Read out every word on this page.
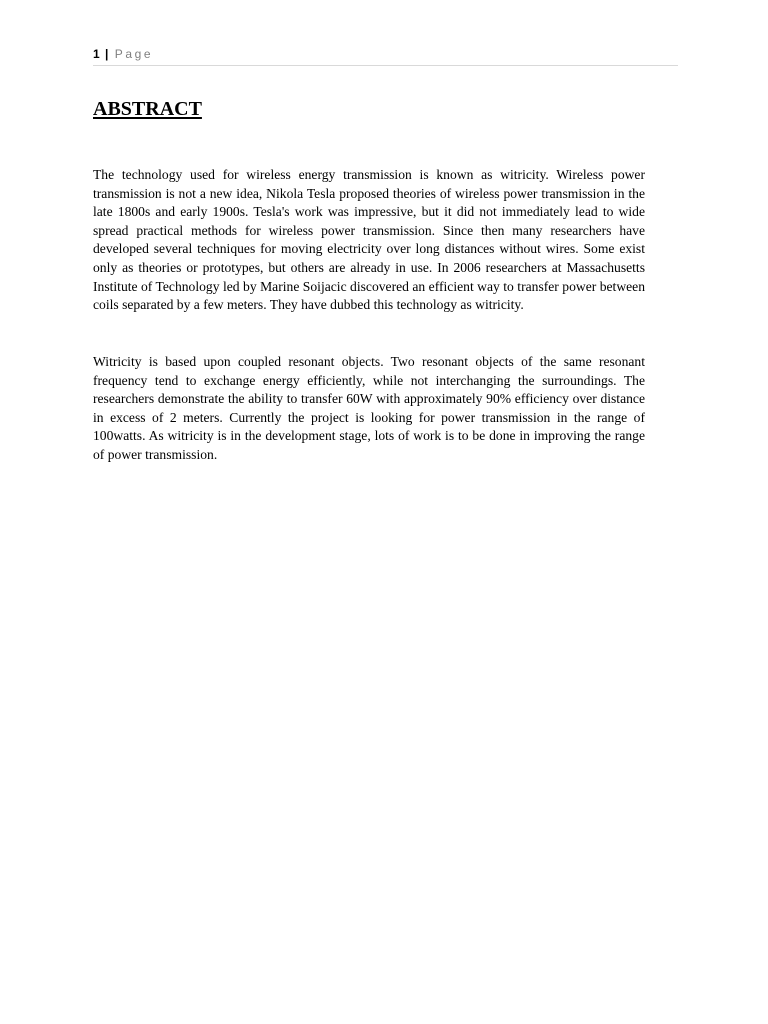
1 | Page
ABSTRACT

The technology used for wireless energy transmission is known as witricity. Wireless power transmission is not a new idea, Nikola Tesla proposed theories of wireless power transmission in the late 1800s and early 1900s. Tesla's work was impressive, but it did not immediately lead to wide spread practical methods for wireless power transmission. Since then many researchers have developed several techniques for moving electricity over long distances without wires. Some exist only as theories or prototypes, but others are already in use. In 2006 researchers at Massachusetts Institute of Technology led by Marine Soijacic discovered an efficient way to transfer power between coils separated by a few meters. They have dubbed this technology as witricity.

Witricity is based upon coupled resonant objects. Two resonant objects of the same resonant frequency tend to exchange energy efficiently, while not interchanging the surroundings. The researchers demonstrate the ability to transfer 60W with approximately 90% efficiency over distance in excess of 2 meters. Currently the project is looking for power transmission in the range of 100watts. As witricity is in the development stage, lots of work is to be done in improving the range of power transmission.
